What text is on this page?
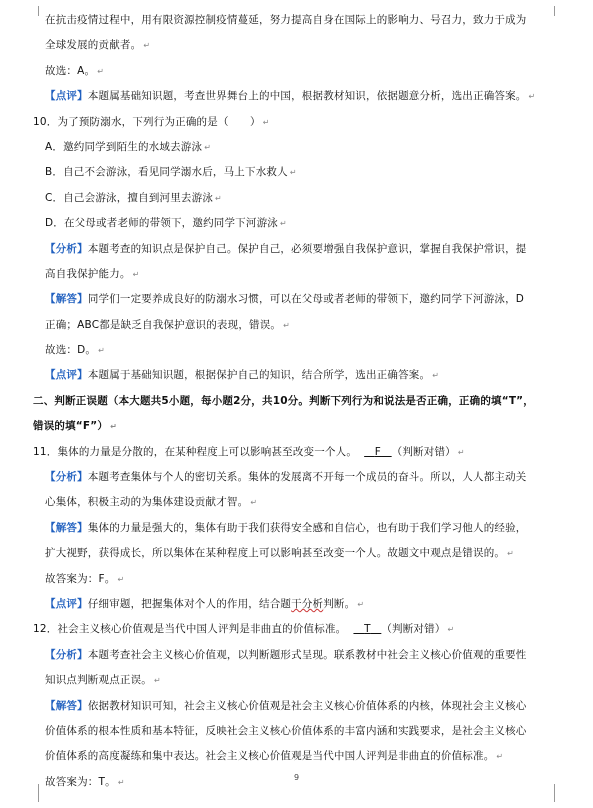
在抗击疫情过程中，用有限资源控制疫情蔓延，努力提高自身在国际上的影响力、号召力，致力于成为
全球发展的贡献者。 ↵
故选：A。 ↵
【点评】本题属基础知识题，考查世界舞台上的中国，根据教材知识，依据题意分析，选出正确答案。 ↵
10．为了预防溺水，下列行为正确的是（　　） ↵
A．邀约同学到陌生的水域去游泳 ↵
B．自己不会游泳，看见同学溺水后，马上下水救人 ↵
C．自己会游泳，擅自到河里去游泳 ↵
D．在父母或者老师的带领下，邀约同学下河游泳 ↵
【分析】本题考查的知识点是保护自己。保护自己，必须要增强自我保护意识，掌握自我保护常识，提
高自我保护能力。 ↵
【解答】同学们一定要养成良好的防溺水习惯，可以在父母或者老师的带领下，邀约同学下河游泳，D
正确；ABC都是缺乏自我保护意识的表现，错误。 ↵
故选：D。 ↵
【点评】本题属于基础知识题，根据保护自己的知识，结合所学，选出正确答案。 ↵
二、判断正误题（本大题共5小题，每小题2分，共10分。判断下列行为和说法是否正确，正确的填“T”，
错误的填“F”） ↵
11．集体的力量是分散的，在某种程度上可以影响甚至改变一个人。 F （判断对错） ↵
【分析】本题考查集体与个人的密切关系。集体的发展离不开每一个成员的奋斗。所以，人人都主动关
心集体，积极主动的为集体建设贡献才智。 ↵
【解答】集体的力量是强大的，集体有助于我们获得安全感和自信心，也有助于我们学习他人的经验，
扩大视野，获得成长，所以集体在某种程度上可以影响甚至改变一个人。故题文中观点是错误的。 ↵
故答案为：F。 ↵
【点评】仔细审题，把握集体对个人的作用，结合题干分析判断。 ↵
12．社会主义核心价值观是当代中国人评判是非曲直的价值标准。 T （判断对错） ↵
【分析】本题考查社会主义核心价值观，以判断题形式呈现。联系教材中社会主义核心价值观的重要性
知识点判断观点正误。 ↵
【解答】依据教材知识可知，社会主义核心价值观是社会主义核心价值体系的内核，体现社会主义核心
价值体系的根本性质和基本特征，反映社会主义核心价值体系的丰富内涵和实践要求，是社会主义核心
价值体系的高度凝练和集中表达。社会主义核心价值观是当代中国人评判是非曲直的价值标准。 ↵
故答案为：T。 ↵
9
